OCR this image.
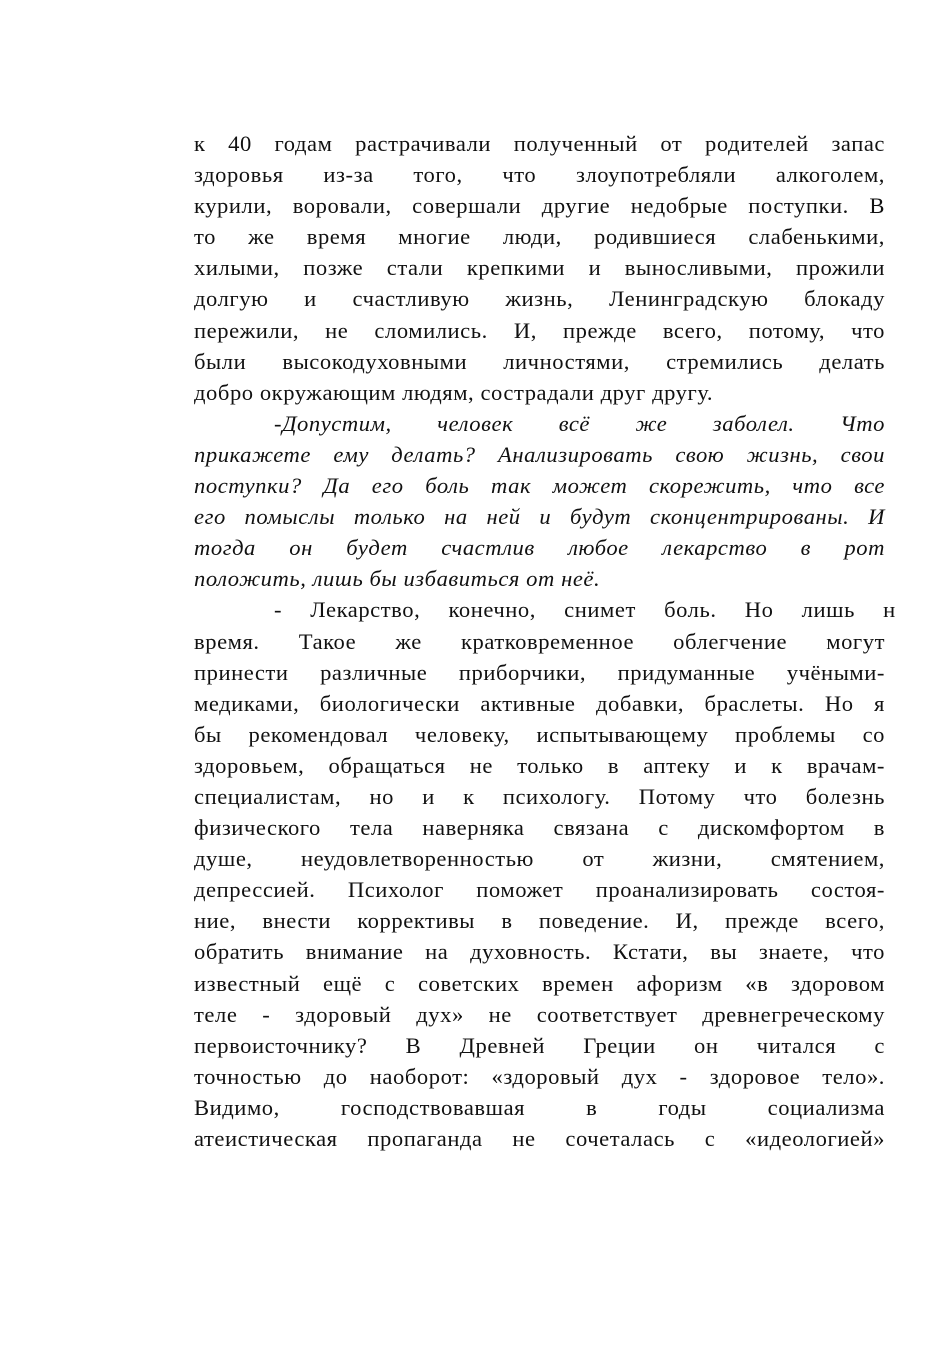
к 40 годам растрачивали полученный от родителей запас
здоровья из-за того, что злоупотребляли алкоголем,
курили, воровали, совершали другие недобрые поступки. В
то же время многие люди, родившиеся слабенькими,
хилыми, позже стали крепкими и выносливыми, прожили
долгую и счастливую жизнь, Ленинградскую блокаду
пережили, не сломились. И, прежде всего, потому, что
были высокодуховными личностями, стремились делать
добро окружающим людям, сострадали друг другу.
-Допустим, человек всё же заболел. Что
прикажете ему делать? Анализировать свою жизнь, свои
поступки? Да его боль так может скорежить, что все
его помыслы только на ней и будут сконцентрированы. И
тогда он будет счастлив любое лекарство в рот
положить, лишь бы избавиться от неё.
- Лекарство, конечно, снимет боль. Но лишь н
время. Такое же кратковременное облегчение могут
принести различные приборчики, придуманные учёными-
медиками, биологически активные добавки, браслеты. Но я
бы рекомендовал человеку, испытывающему проблемы со
здоровьем, обращаться не только в аптеку и к врачам-
специалистам, но и к психологу. Потому что болезнь
физического тела наверняка связана с дискомфортом в
душе, неудовлетворенностью от жизни, смятением,
депрессией. Психолог поможет проанализировать состоя-
ние, внести коррективы в поведение. И, прежде всего,
обратить внимание на духовность. Кстати, вы знаете, что
известный ещё с советских времен афоризм «в здоровом
теле - здоровый дух» не соответствует древнегреческому
первоисточнику? В Древней Греции он читался с
точностью до наоборот: «здоровый дух - здоровое тело».
Видимо, господствовавшая в годы социализма
атеистическая пропаганда не сочеталась с «идеологией»
